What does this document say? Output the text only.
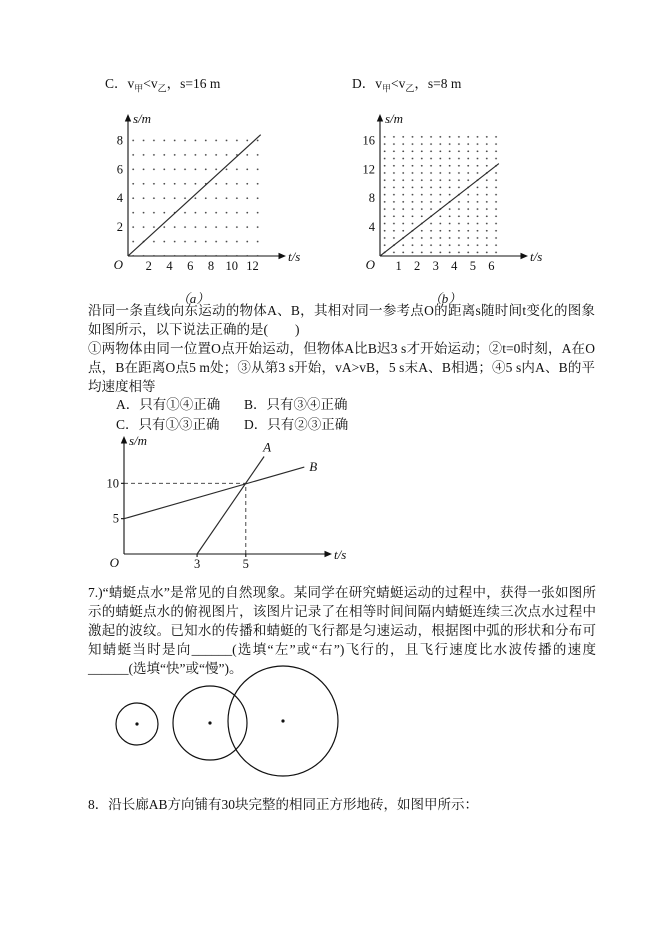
C．$v_甲<v_乙$，s=16 m	D．$v_甲<v_乙$，s=8 m
2 4 6 8 10 12
2
4
6
8
O
s/m
t/s
（a）
1 2 3 4 5 6
4
8
12
16
O
s/m
t/s
（b）

沿同一条直线向东运动的物体A、B，其相对同一参考点O的距离s随时间t变化的图象如图所示，以下说法正确的是(　　)

①两物体由同一位置O点开始运动，但物体A比B迟3 s才开始运动；②t=0时刻，A在O点，B在距离O点5 m处；③从第3 s开始，vA>vB，5 s末A、B相遇；④5 s内A、B的平均速度相等

A．只有①④正确	B．只有③④正确
C．只有①③正确	D．只有②③正确
3	5
5
10
O
s/m
t/s
A
B

7.)“蜻蜓点水”是常见的自然现象。某同学在研究蜻蜓运动的过程中，获得一张如图所示的蜻蜓点水的俯视图片，该图片记录了在相等时间间隔内蜻蜓连续三次点水过程中激起的波纹。已知水的传播和蜻蜓的飞行都是匀速运动，根据图中弧的形状和分布可知蜻蜓当时是向______(选填“左”或“右”)飞行的，且飞行速度比水波传播的速度______(选填“快”或“慢”)。

8．沿长廊AB方向铺有30块完整的相同正方形地砖，如图甲所示：
